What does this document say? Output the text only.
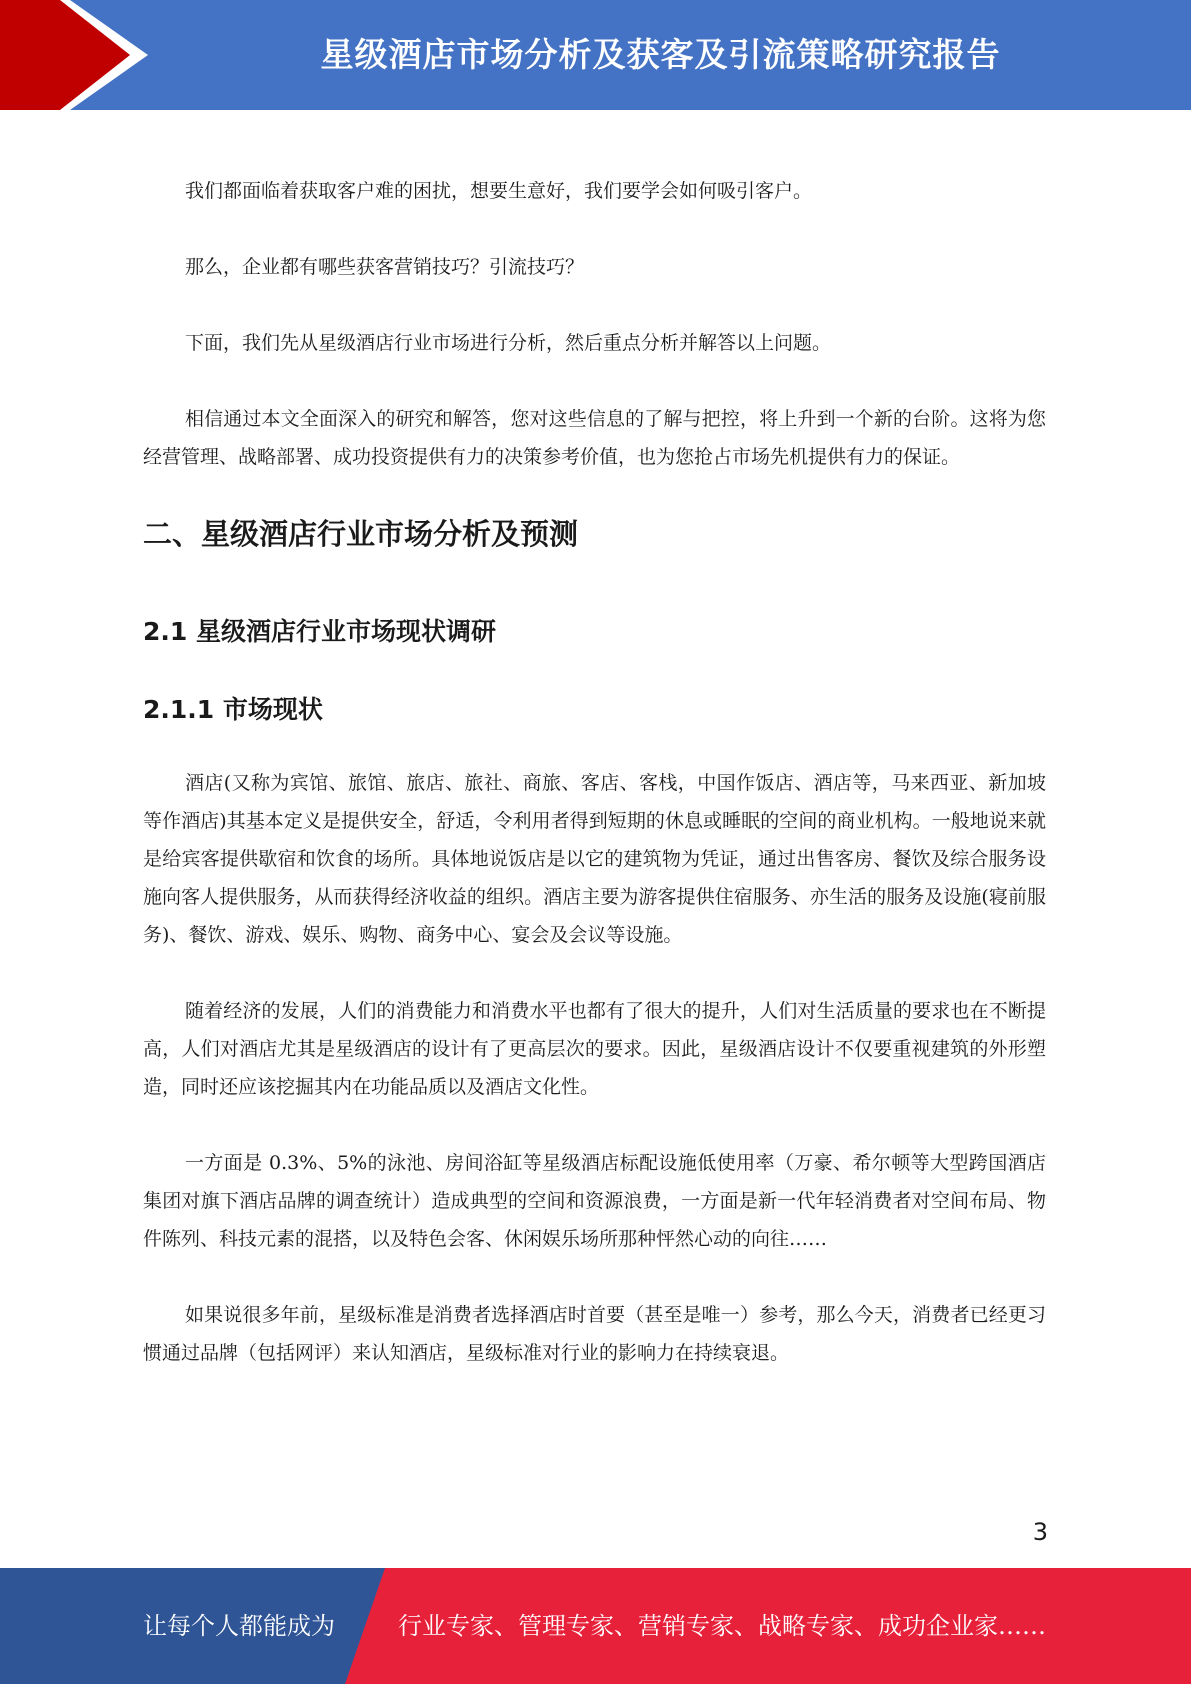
星级酒店市场分析及获客及引流策略研究报告

我们都面临着获取客户难的困扰，想要生意好，我们要学会如何吸引客户。

那么，企业都有哪些获客营销技巧？引流技巧？

下面，我们先从星级酒店行业市场进行分析，然后重点分析并解答以上问题。

相信通过本文全面深入的研究和解答，您对这些信息的了解与把控，将上升到一个新的台阶。这将为您经营管理、战略部署、成功投资提供有力的决策参考价值，也为您抢占市场先机提供有力的保证。

二、星级酒店行业市场分析及预测
2.1 星级酒店行业市场现状调研
2.1.1 市场现状

酒店(又称为宾馆、旅馆、旅店、旅社、商旅、客店、客栈，中国作饭店、酒店等，马来西亚、新加坡等作酒店)其基本定义是提供安全，舒适，令利用者得到短期的休息或睡眠的空间的商业机构。一般地说来就是给宾客提供歇宿和饮食的场所。具体地说饭店是以它的建筑物为凭证，通过出售客房、餐饮及综合服务设施向客人提供服务，从而获得经济收益的组织。酒店主要为游客提供住宿服务、亦生活的服务及设施(寝前服务)、餐饮、游戏、娱乐、购物、商务中心、宴会及会议等设施。

随着经济的发展，人们的消费能力和消费水平也都有了很大的提升，人们对生活质量的要求也在不断提高，人们对酒店尤其是星级酒店的设计有了更高层次的要求。因此，星级酒店设计不仅要重视建筑的外形塑造，同时还应该挖掘其内在功能品质以及酒店文化性。

一方面是 0.3%、5%的泳池、房间浴缸等星级酒店标配设施低使用率（万豪、希尔顿等大型跨国酒店集团对旗下酒店品牌的调查统计）造成典型的空间和资源浪费，一方面是新一代年轻消费者对空间布局、物件陈列、科技元素的混搭，以及特色会客、休闲娱乐场所那种怦然心动的向往……

如果说很多年前，星级标准是消费者选择酒店时首要（甚至是唯一）参考，那么今天，消费者已经更习惯通过品牌（包括网评）来认知酒店，星级标准对行业的影响力在持续衰退。

3
让每个人都能成为	行业专家、管理专家、营销专家、战略专家、成功企业家……
